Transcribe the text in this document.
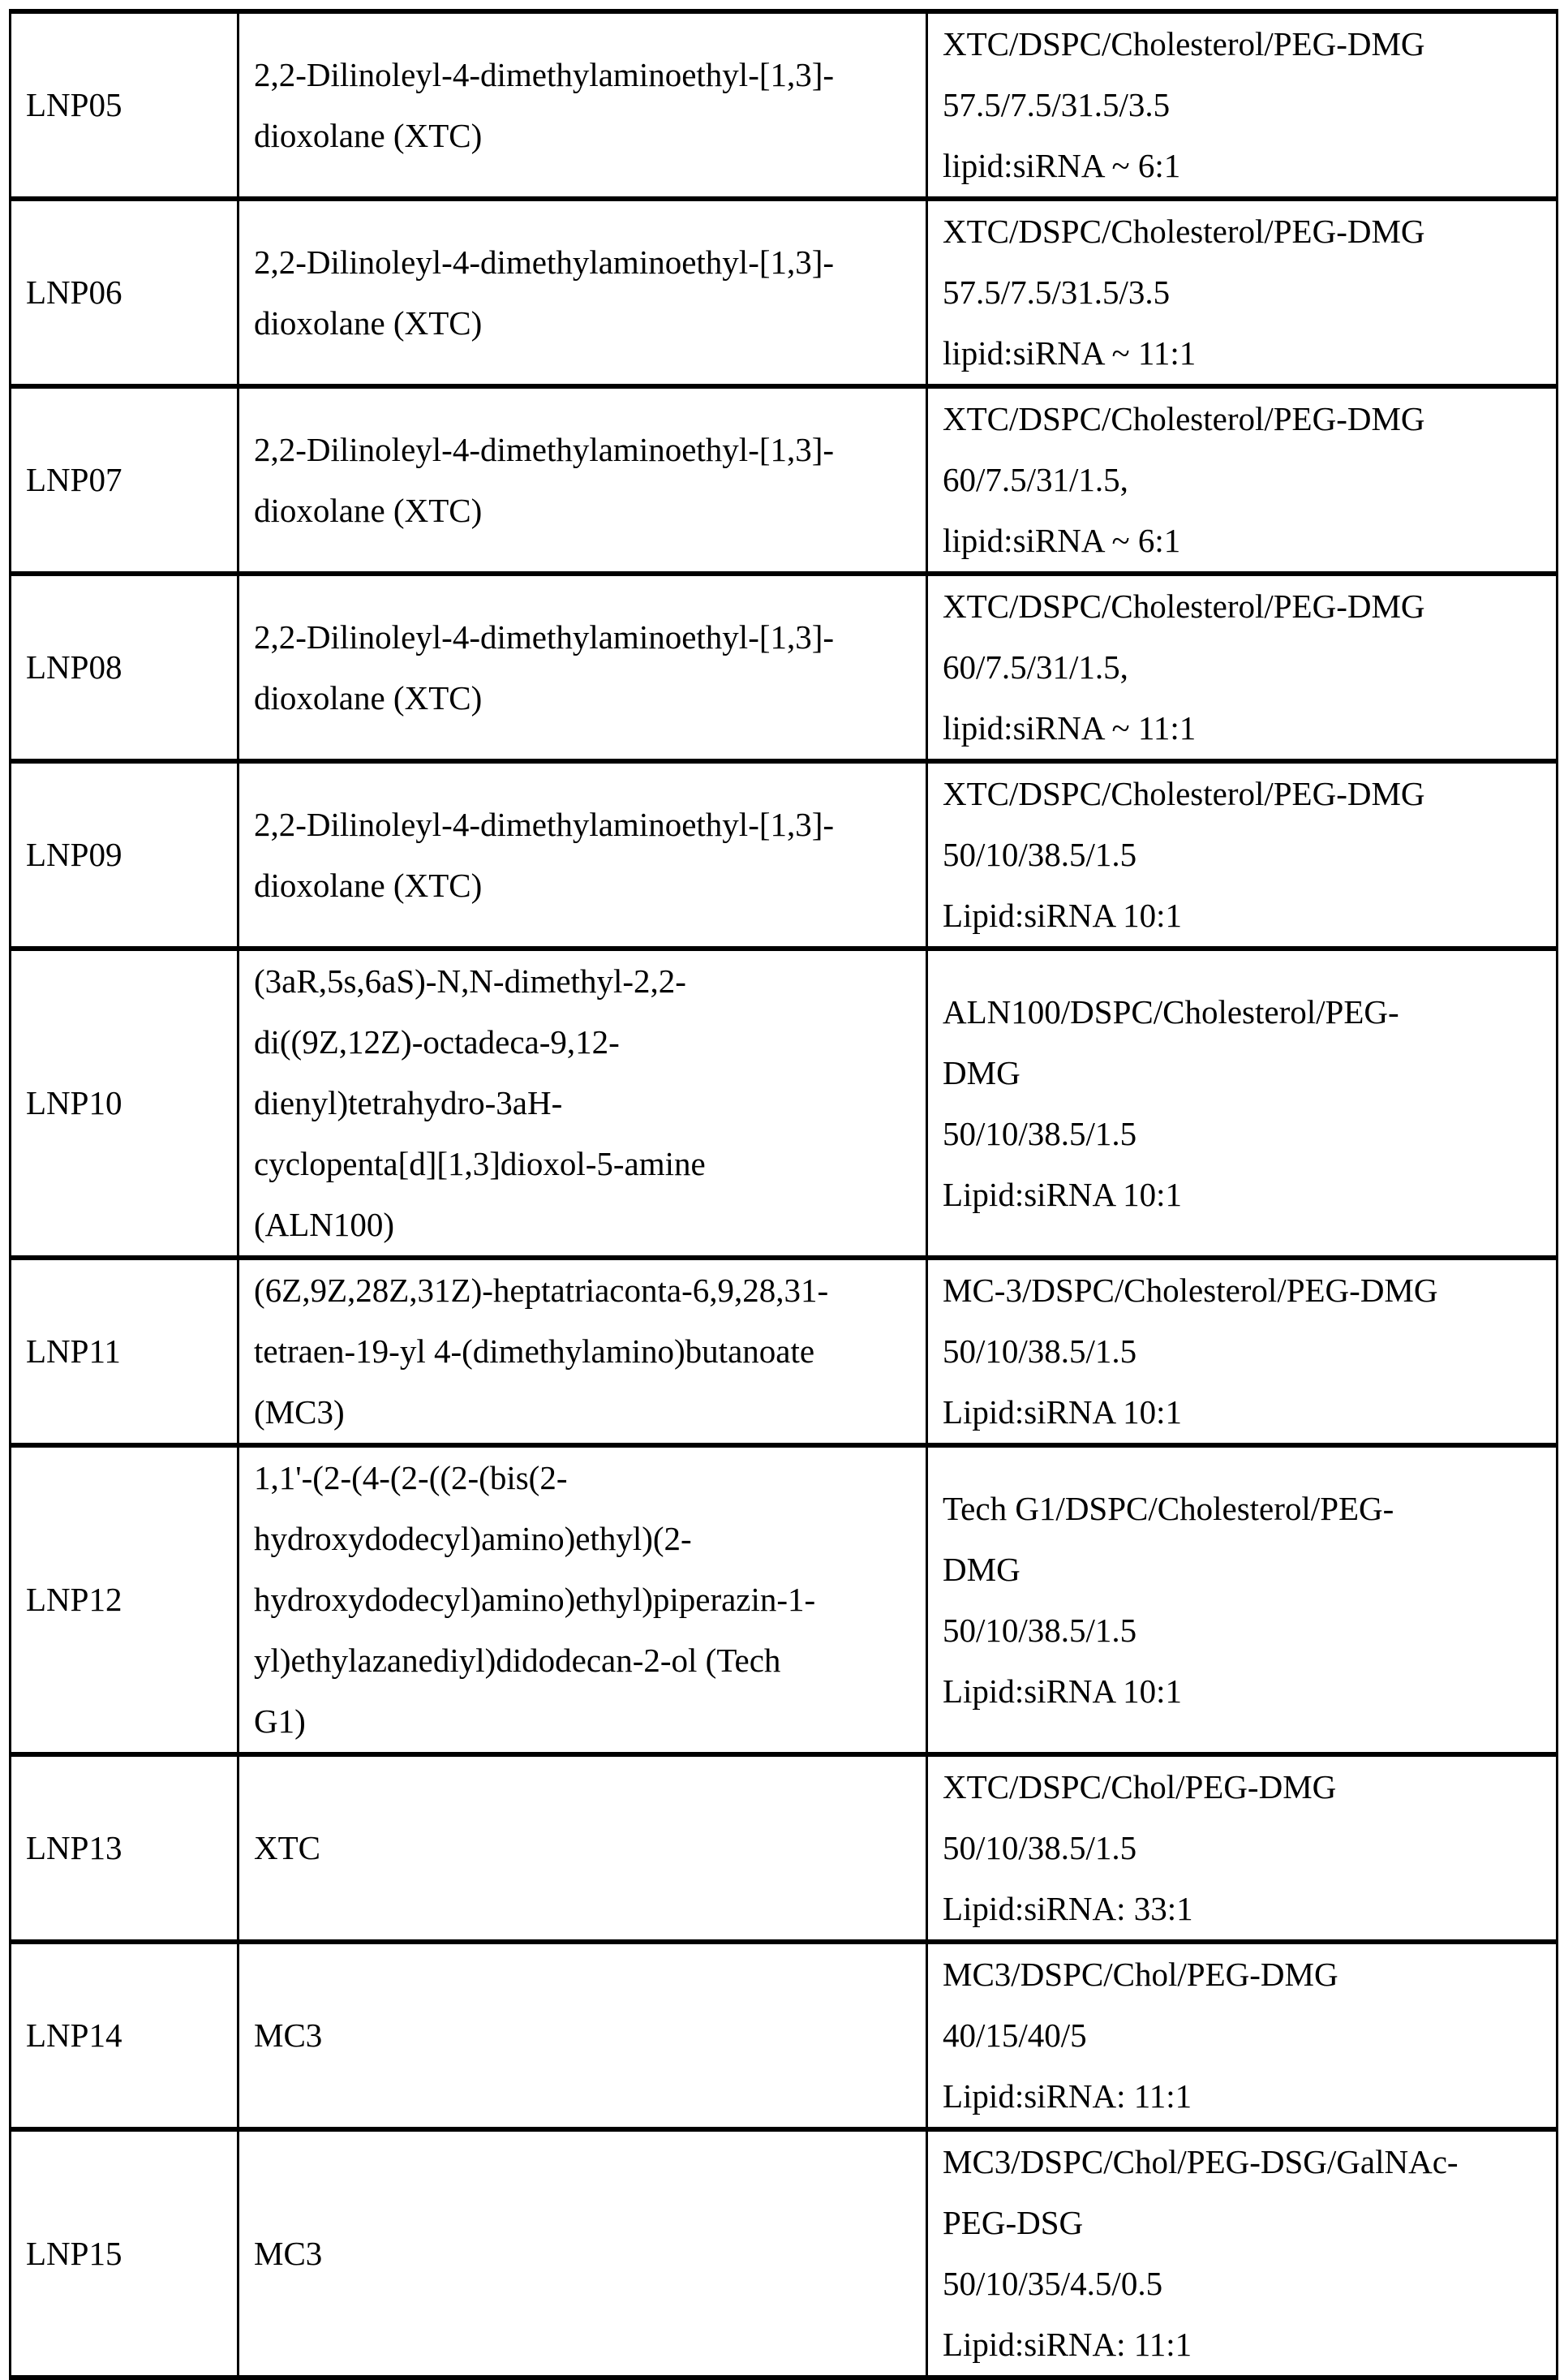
LNP05	2,2-Dilinoleyl-4-dimethylaminoethyl-[1,3]-
dioxolane (XTC)	XTC/DSPC/Cholesterol/PEG-DMG
57.5/7.5/31.5/3.5
lipid:siRNA ~ 6:1
LNP06	2,2-Dilinoleyl-4-dimethylaminoethyl-[1,3]-
dioxolane (XTC)	XTC/DSPC/Cholesterol/PEG-DMG
57.5/7.5/31.5/3.5
lipid:siRNA ~ 11:1
LNP07	2,2-Dilinoleyl-4-dimethylaminoethyl-[1,3]-
dioxolane (XTC)	XTC/DSPC/Cholesterol/PEG-DMG
60/7.5/31/1.5,
lipid:siRNA ~ 6:1
LNP08	2,2-Dilinoleyl-4-dimethylaminoethyl-[1,3]-
dioxolane (XTC)	XTC/DSPC/Cholesterol/PEG-DMG
60/7.5/31/1.5,
lipid:siRNA ~ 11:1
LNP09	2,2-Dilinoleyl-4-dimethylaminoethyl-[1,3]-
dioxolane (XTC)	XTC/DSPC/Cholesterol/PEG-DMG
50/10/38.5/1.5
Lipid:siRNA 10:1
LNP10	(3aR,5s,6aS)-N,N-dimethyl-2,2-
di((9Z,12Z)-octadeca-9,12-
dienyl)tetrahydro-3aH-
cyclopenta[d][1,3]dioxol-5-amine
(ALN100)	ALN100/DSPC/Cholesterol/PEG-
DMG
50/10/38.5/1.5
Lipid:siRNA 10:1
LNP11	(6Z,9Z,28Z,31Z)-heptatriaconta-6,9,28,31-
tetraen-19-yl 4-(dimethylamino)butanoate
(MC3)	MC-3/DSPC/Cholesterol/PEG-DMG
50/10/38.5/1.5
Lipid:siRNA 10:1
LNP12	1,1'-(2-(4-(2-((2-(bis(2-
hydroxydodecyl)amino)ethyl)(2-
hydroxydodecyl)amino)ethyl)piperazin-1-
yl)ethylazanediyl)didodecan-2-ol (Tech
G1)	Tech G1/DSPC/Cholesterol/PEG-
DMG
50/10/38.5/1.5
Lipid:siRNA 10:1
LNP13	XTC	XTC/DSPC/Chol/PEG-DMG
50/10/38.5/1.5
Lipid:siRNA: 33:1
LNP14	MC3	MC3/DSPC/Chol/PEG-DMG
40/15/40/5
Lipid:siRNA: 11:1
LNP15	MC3	MC3/DSPC/Chol/PEG-DSG/GalNAc-
PEG-DSG
50/10/35/4.5/0.5
Lipid:siRNA: 11:1
